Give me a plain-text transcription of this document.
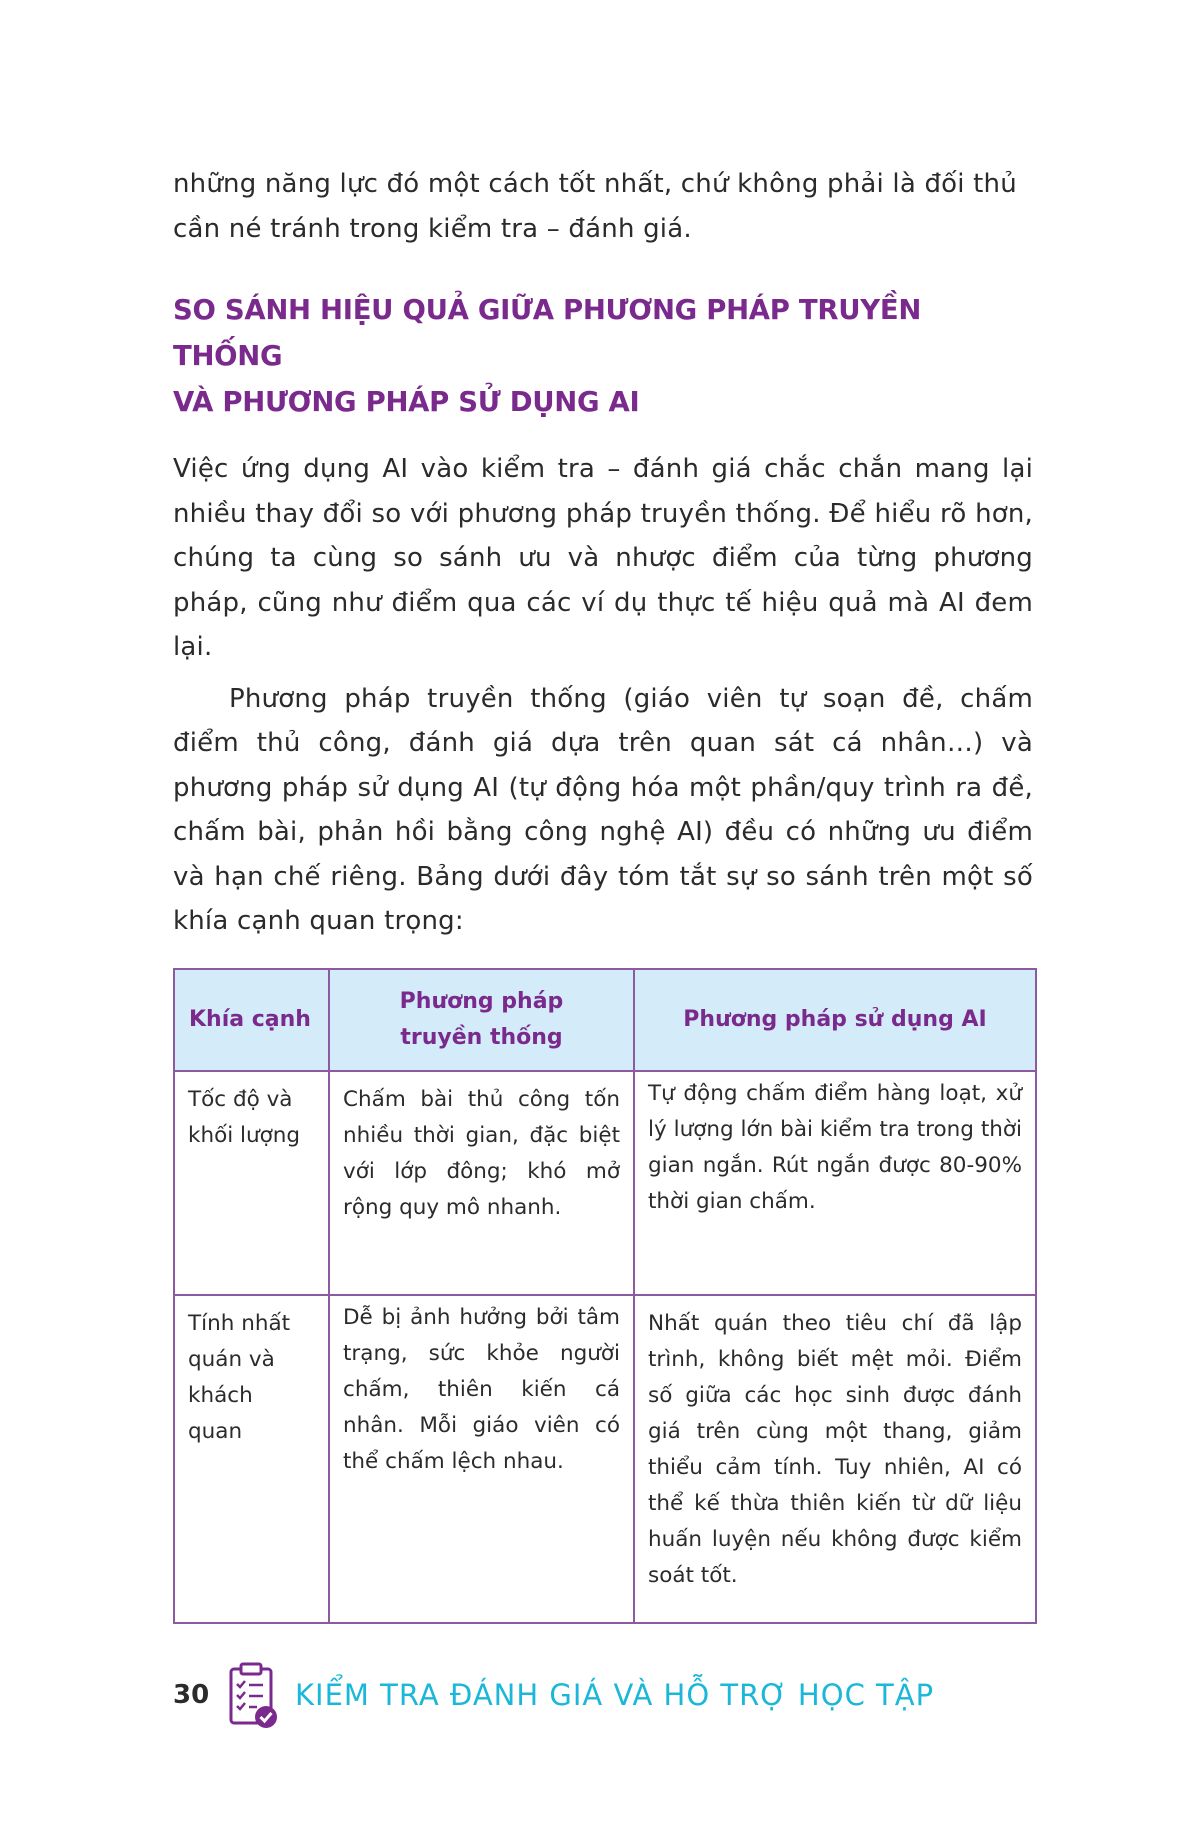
những năng lực đó một cách tốt nhất, chứ không phải là đối thủ cần né tránh trong kiểm tra – đánh giá.

SO SÁNH HIỆU QUẢ GIỮA PHƯƠNG PHÁP TRUYỀN THỐNG
VÀ PHƯƠNG PHÁP SỬ DỤNG AI

Việc ứng dụng AI vào kiểm tra – đánh giá chắc chắn mang lại nhiều thay đổi so với phương pháp truyền thống. Để hiểu rõ hơn, chúng ta cùng so sánh ưu và nhược điểm của từng phương pháp, cũng như điểm qua các ví dụ thực tế hiệu quả mà AI đem lại.

Phương pháp truyền thống (giáo viên tự soạn đề, chấm điểm thủ công, đánh giá dựa trên quan sát cá nhân…) và phương pháp sử dụng AI (tự động hóa một phần/quy trình ra đề, chấm bài, phản hồi bằng công nghệ AI) đều có những ưu điểm và hạn chế riêng. Bảng dưới đây tóm tắt sự so sánh trên một số khía cạnh quan trọng:

Khía cạnh	Phương pháp truyền thống	Phương pháp sử dụng AI

Tốc độ và khối lượng	Chấm bài thủ công tốn nhiều thời gian, đặc biệt với lớp đông; khó mở rộng quy mô nhanh.	Tự động chấm điểm hàng loạt, xử lý lượng lớn bài kiểm tra trong thời gian ngắn. Rút ngắn được 80-90% thời gian chấm.

Tính nhất quán và khách quan	Dễ bị ảnh hưởng bởi tâm trạng, sức khỏe người chấm, thiên kiến cá nhân. Mỗi giáo viên có thể chấm lệch nhau.	Nhất quán theo tiêu chí đã lập trình, không biết mệt mỏi. Điểm số giữa các học sinh được đánh giá trên cùng một thang, giảm thiểu cảm tính. Tuy nhiên, AI có thể kế thừa thiên kiến từ dữ liệu huấn luyện nếu không được kiểm soát tốt.
30	KIỂM TRA ĐÁNH GIÁ VÀ HỖ TRỢ HỌC TẬP
